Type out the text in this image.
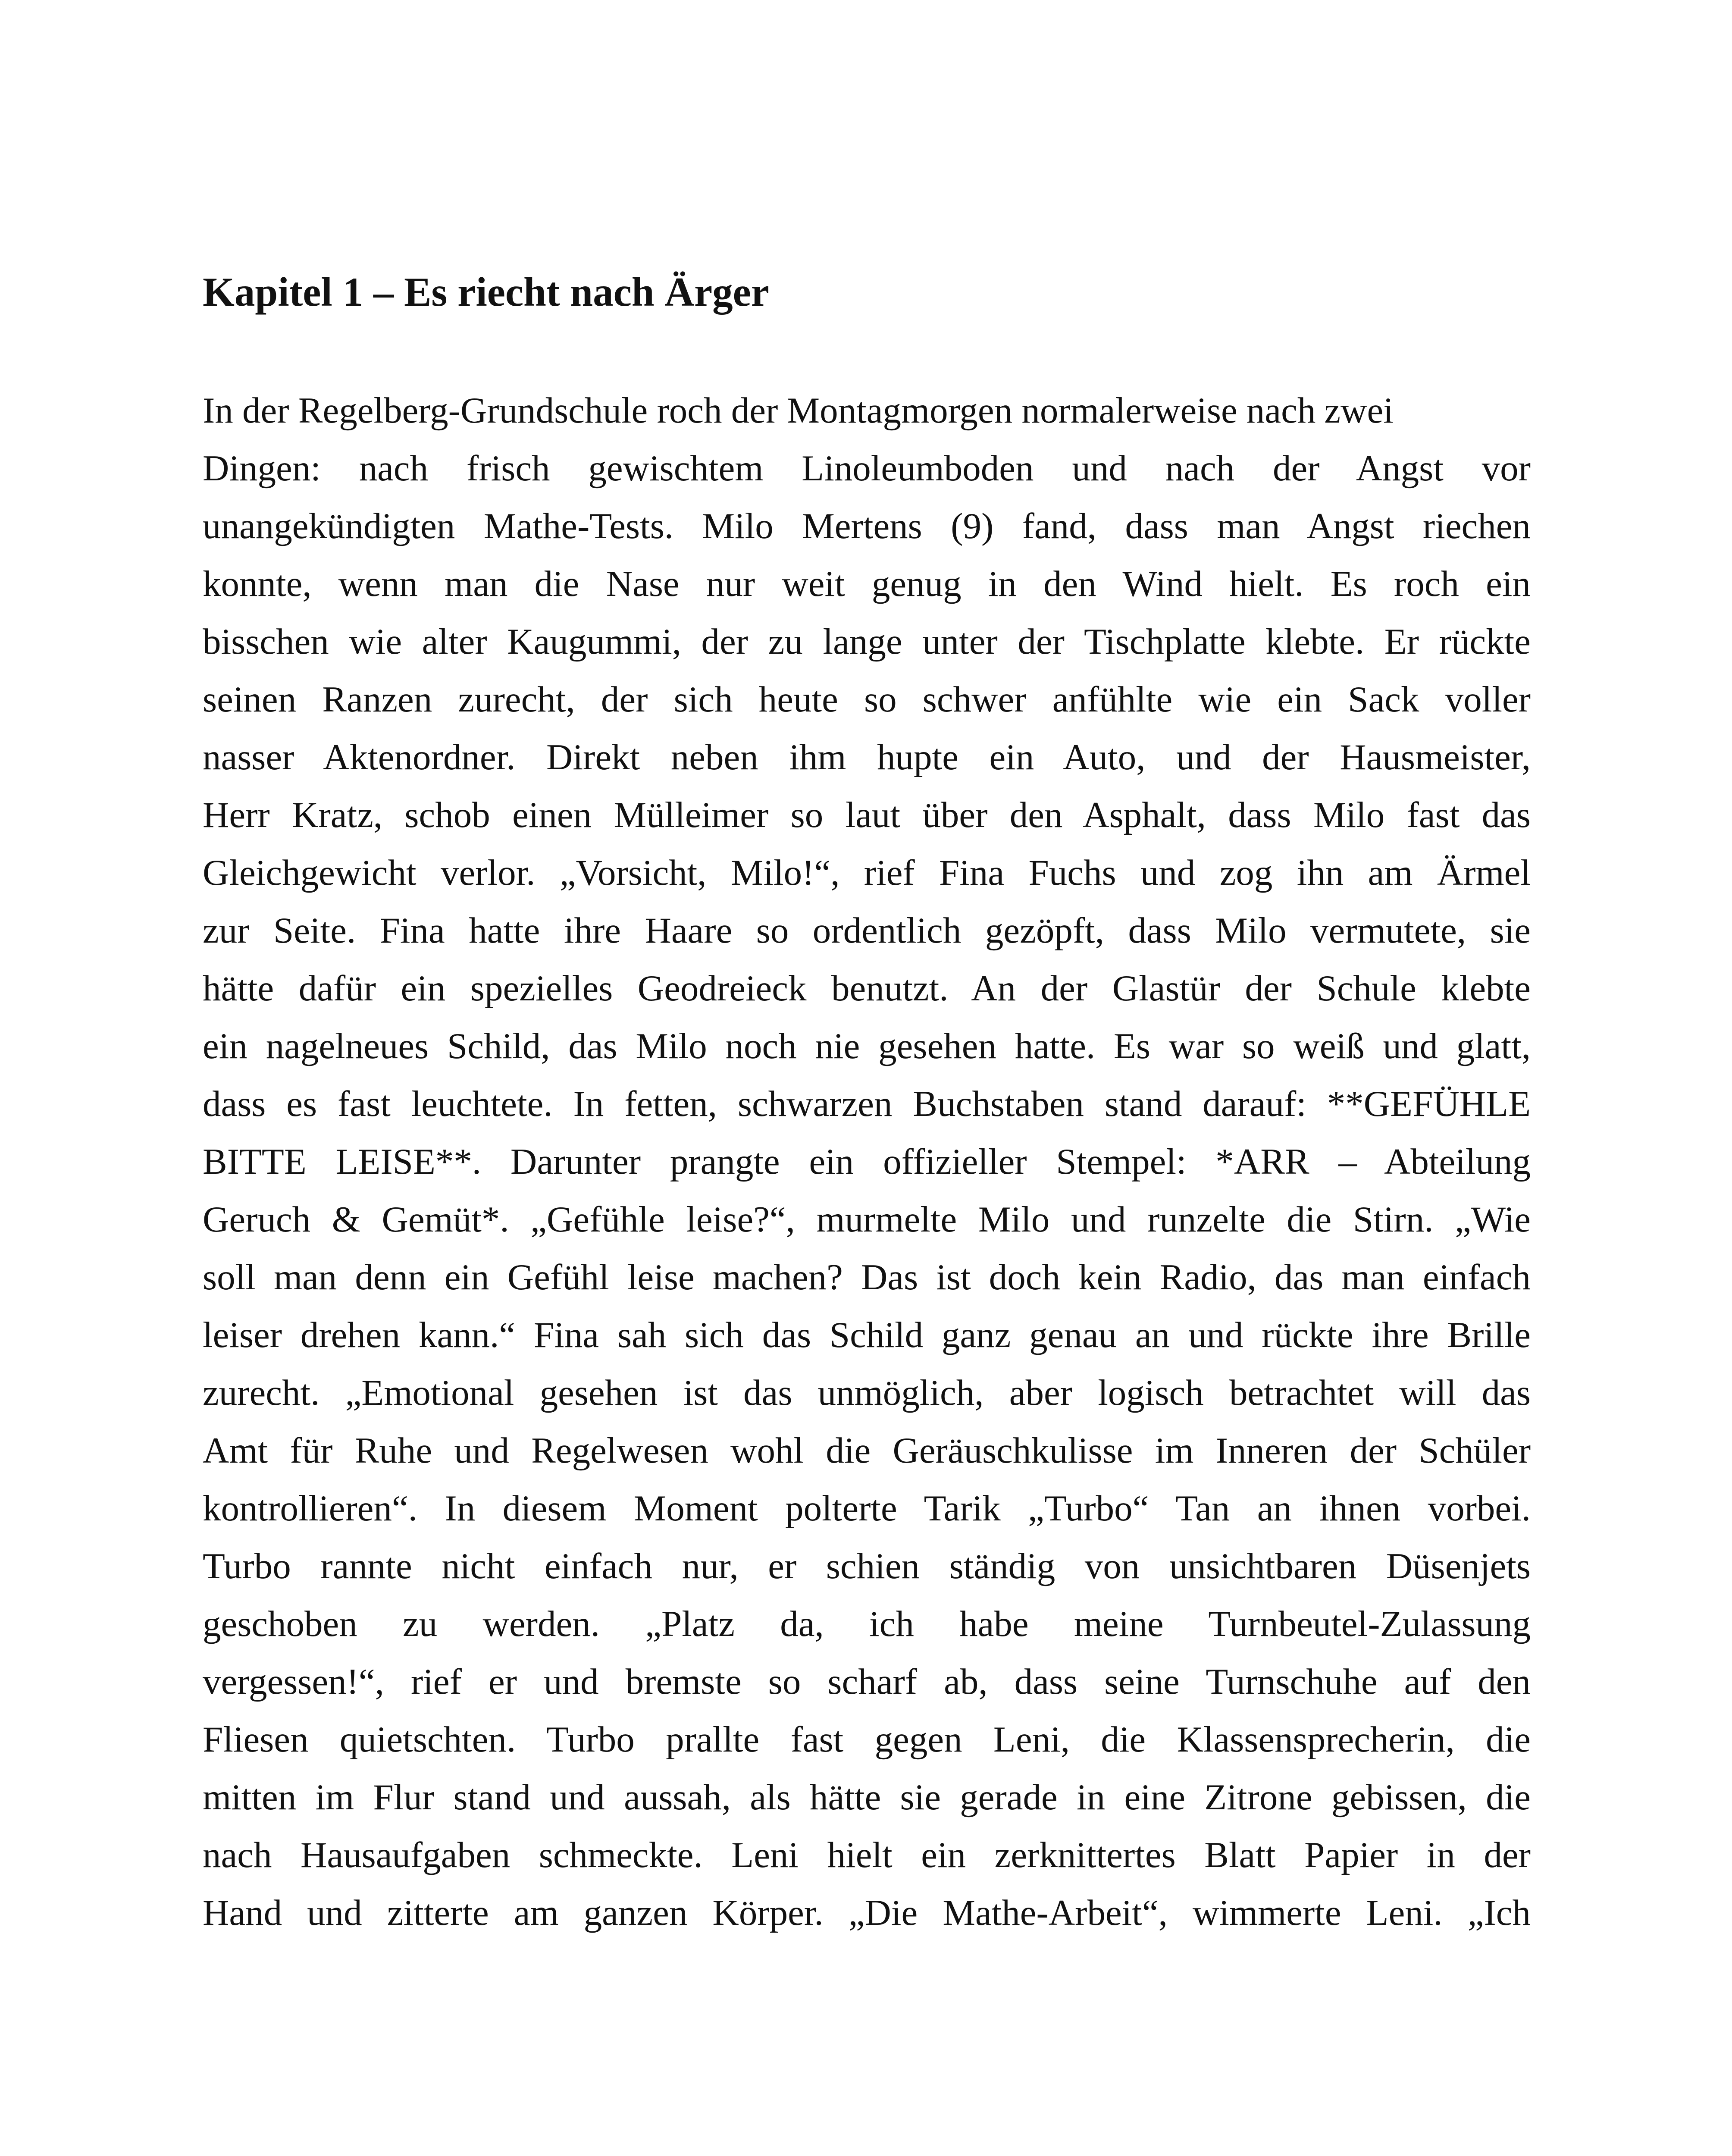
Kapitel 1 – Es riecht nach Ärger
In der Regelberg-Grundschule roch der Montagmorgen normalerweise nach zwei
Dingen: nach frisch gewischtem Linoleumboden und nach der Angst vor
unangekündigten Mathe-Tests. Milo Mertens (9) fand, dass man Angst riechen
konnte, wenn man die Nase nur weit genug in den Wind hielt. Es roch ein
bisschen wie alter Kaugummi, der zu lange unter der Tischplatte klebte. Er rückte
seinen Ranzen zurecht, der sich heute so schwer anfühlte wie ein Sack voller
nasser Aktenordner. Direkt neben ihm hupte ein Auto, und der Hausmeister,
Herr Kratz, schob einen Mülleimer so laut über den Asphalt, dass Milo fast das
Gleichgewicht verlor. „Vorsicht, Milo!“, rief Fina Fuchs und zog ihn am Ärmel
zur Seite. Fina hatte ihre Haare so ordentlich gezöpft, dass Milo vermutete, sie
hätte dafür ein spezielles Geodreieck benutzt. An der Glastür der Schule klebte
ein nagelneues Schild, das Milo noch nie gesehen hatte. Es war so weiß und glatt,
dass es fast leuchtete. In fetten, schwarzen Buchstaben stand darauf: **GEFÜHLE
BITTE LEISE**. Darunter prangte ein offizieller Stempel: *ARR – Abteilung
Geruch & Gemüt*. „Gefühle leise?“, murmelte Milo und runzelte die Stirn. „Wie
soll man denn ein Gefühl leise machen? Das ist doch kein Radio, das man einfach
leiser drehen kann.“ Fina sah sich das Schild ganz genau an und rückte ihre Brille
zurecht. „Emotional gesehen ist das unmöglich, aber logisch betrachtet will das
Amt für Ruhe und Regelwesen wohl die Geräuschkulisse im Inneren der Schüler
kontrollieren“. In diesem Moment polterte Tarik „Turbo“ Tan an ihnen vorbei.
Turbo rannte nicht einfach nur, er schien ständig von unsichtbaren Düsenjets
geschoben zu werden. „Platz da, ich habe meine Turnbeutel-Zulassung
vergessen!“, rief er und bremste so scharf ab, dass seine Turnschuhe auf den
Fliesen quietschten. Turbo prallte fast gegen Leni, die Klassensprecherin, die
mitten im Flur stand und aussah, als hätte sie gerade in eine Zitrone gebissen, die
nach Hausaufgaben schmeckte. Leni hielt ein zerknittertes Blatt Papier in der
Hand und zitterte am ganzen Körper. „Die Mathe-Arbeit“, wimmerte Leni. „Ich
